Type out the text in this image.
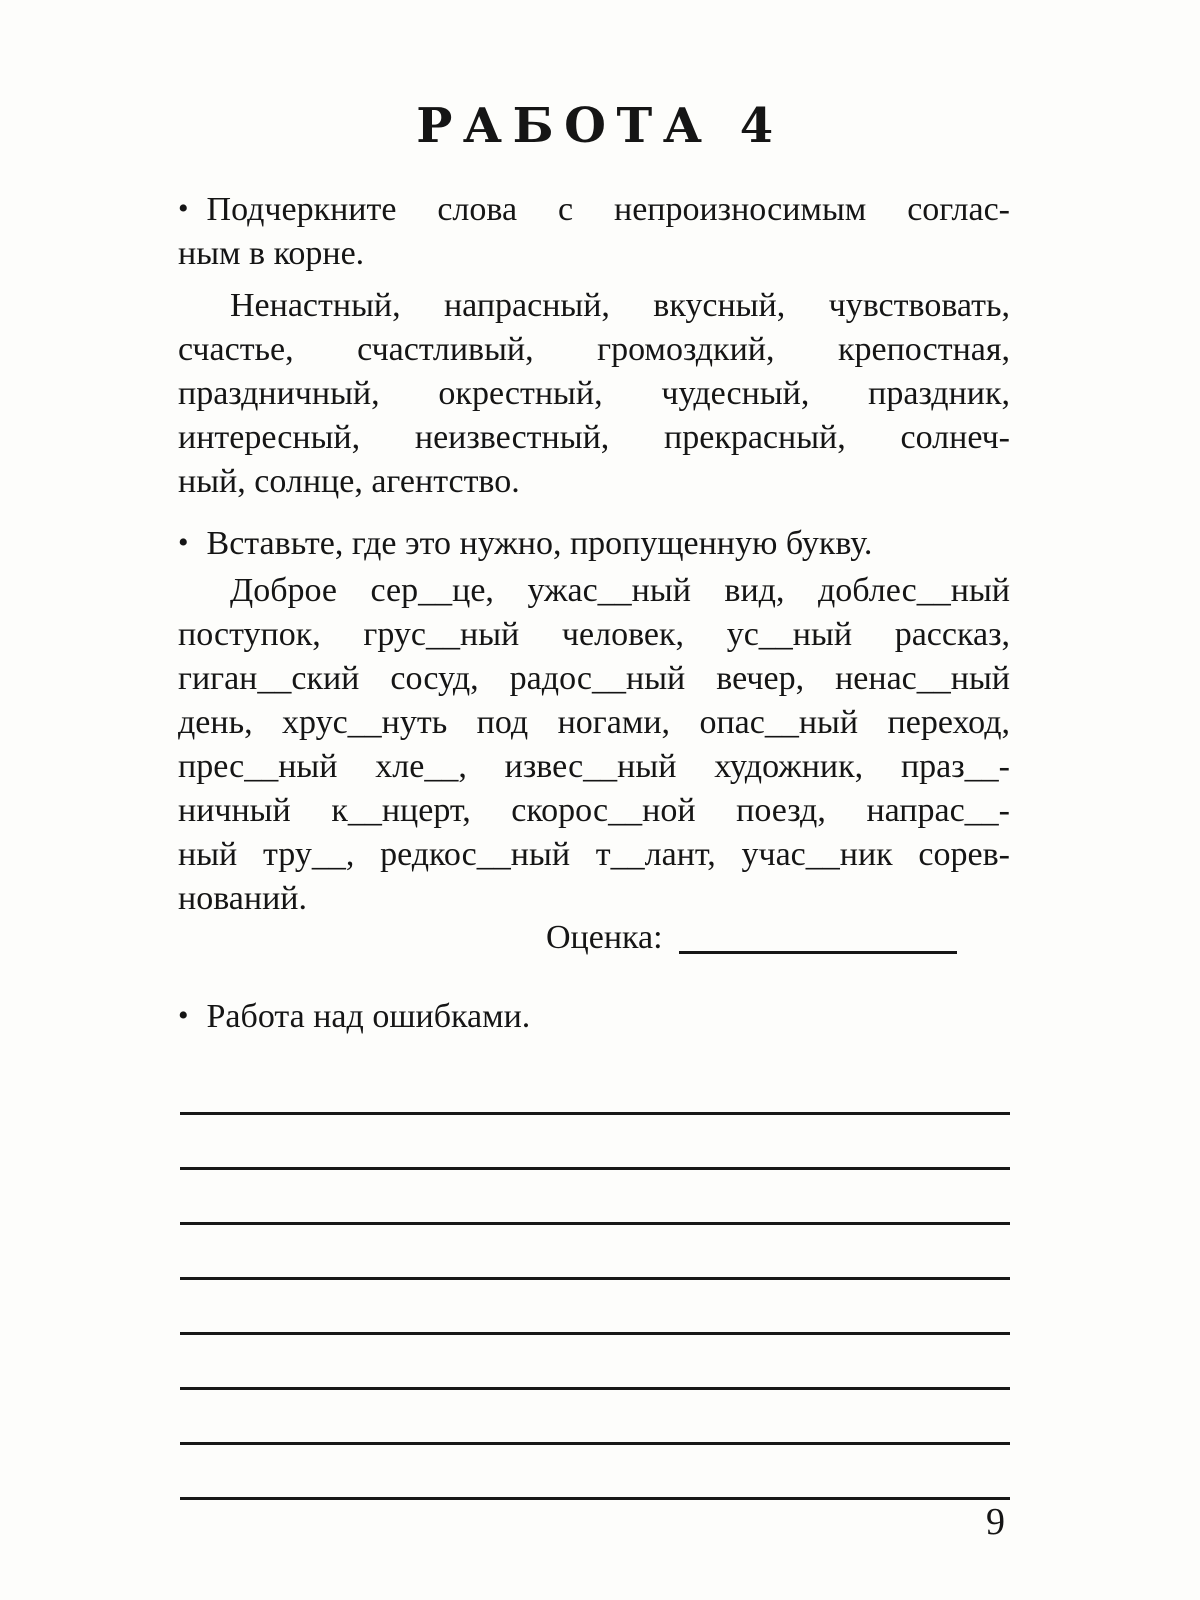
РАБОТА 4
• Подчеркните слова с непроизносимым соглас-
ным в корне.
Ненастный, напрасный, вкусный, чувствовать,
счастье, счастливый, громоздкий, крепостная,
праздничный, окрестный, чудесный, праздник,
интересный, неизвестный, прекрасный, солнеч-
ный, солнце, агентство.
• Вставьте, где это нужно, пропущенную букву.
Доброе сер__це, ужас__ный вид, доблес__ный
поступок, грус__ный человек, ус__ный рассказ,
гиган__ский сосуд, радос__ный вечер, ненас__ный
день, хрус__нуть под ногами, опас__ный переход,
прес__ный хле__, извес__ный художник, праз__-
ничный к__нцерт, скорос__ной поезд, напрас__-
ный тру__, редкос__ный т__лант, учас__ник сорев-
нований.
Оценка:
• Работа над ошибками.
9
